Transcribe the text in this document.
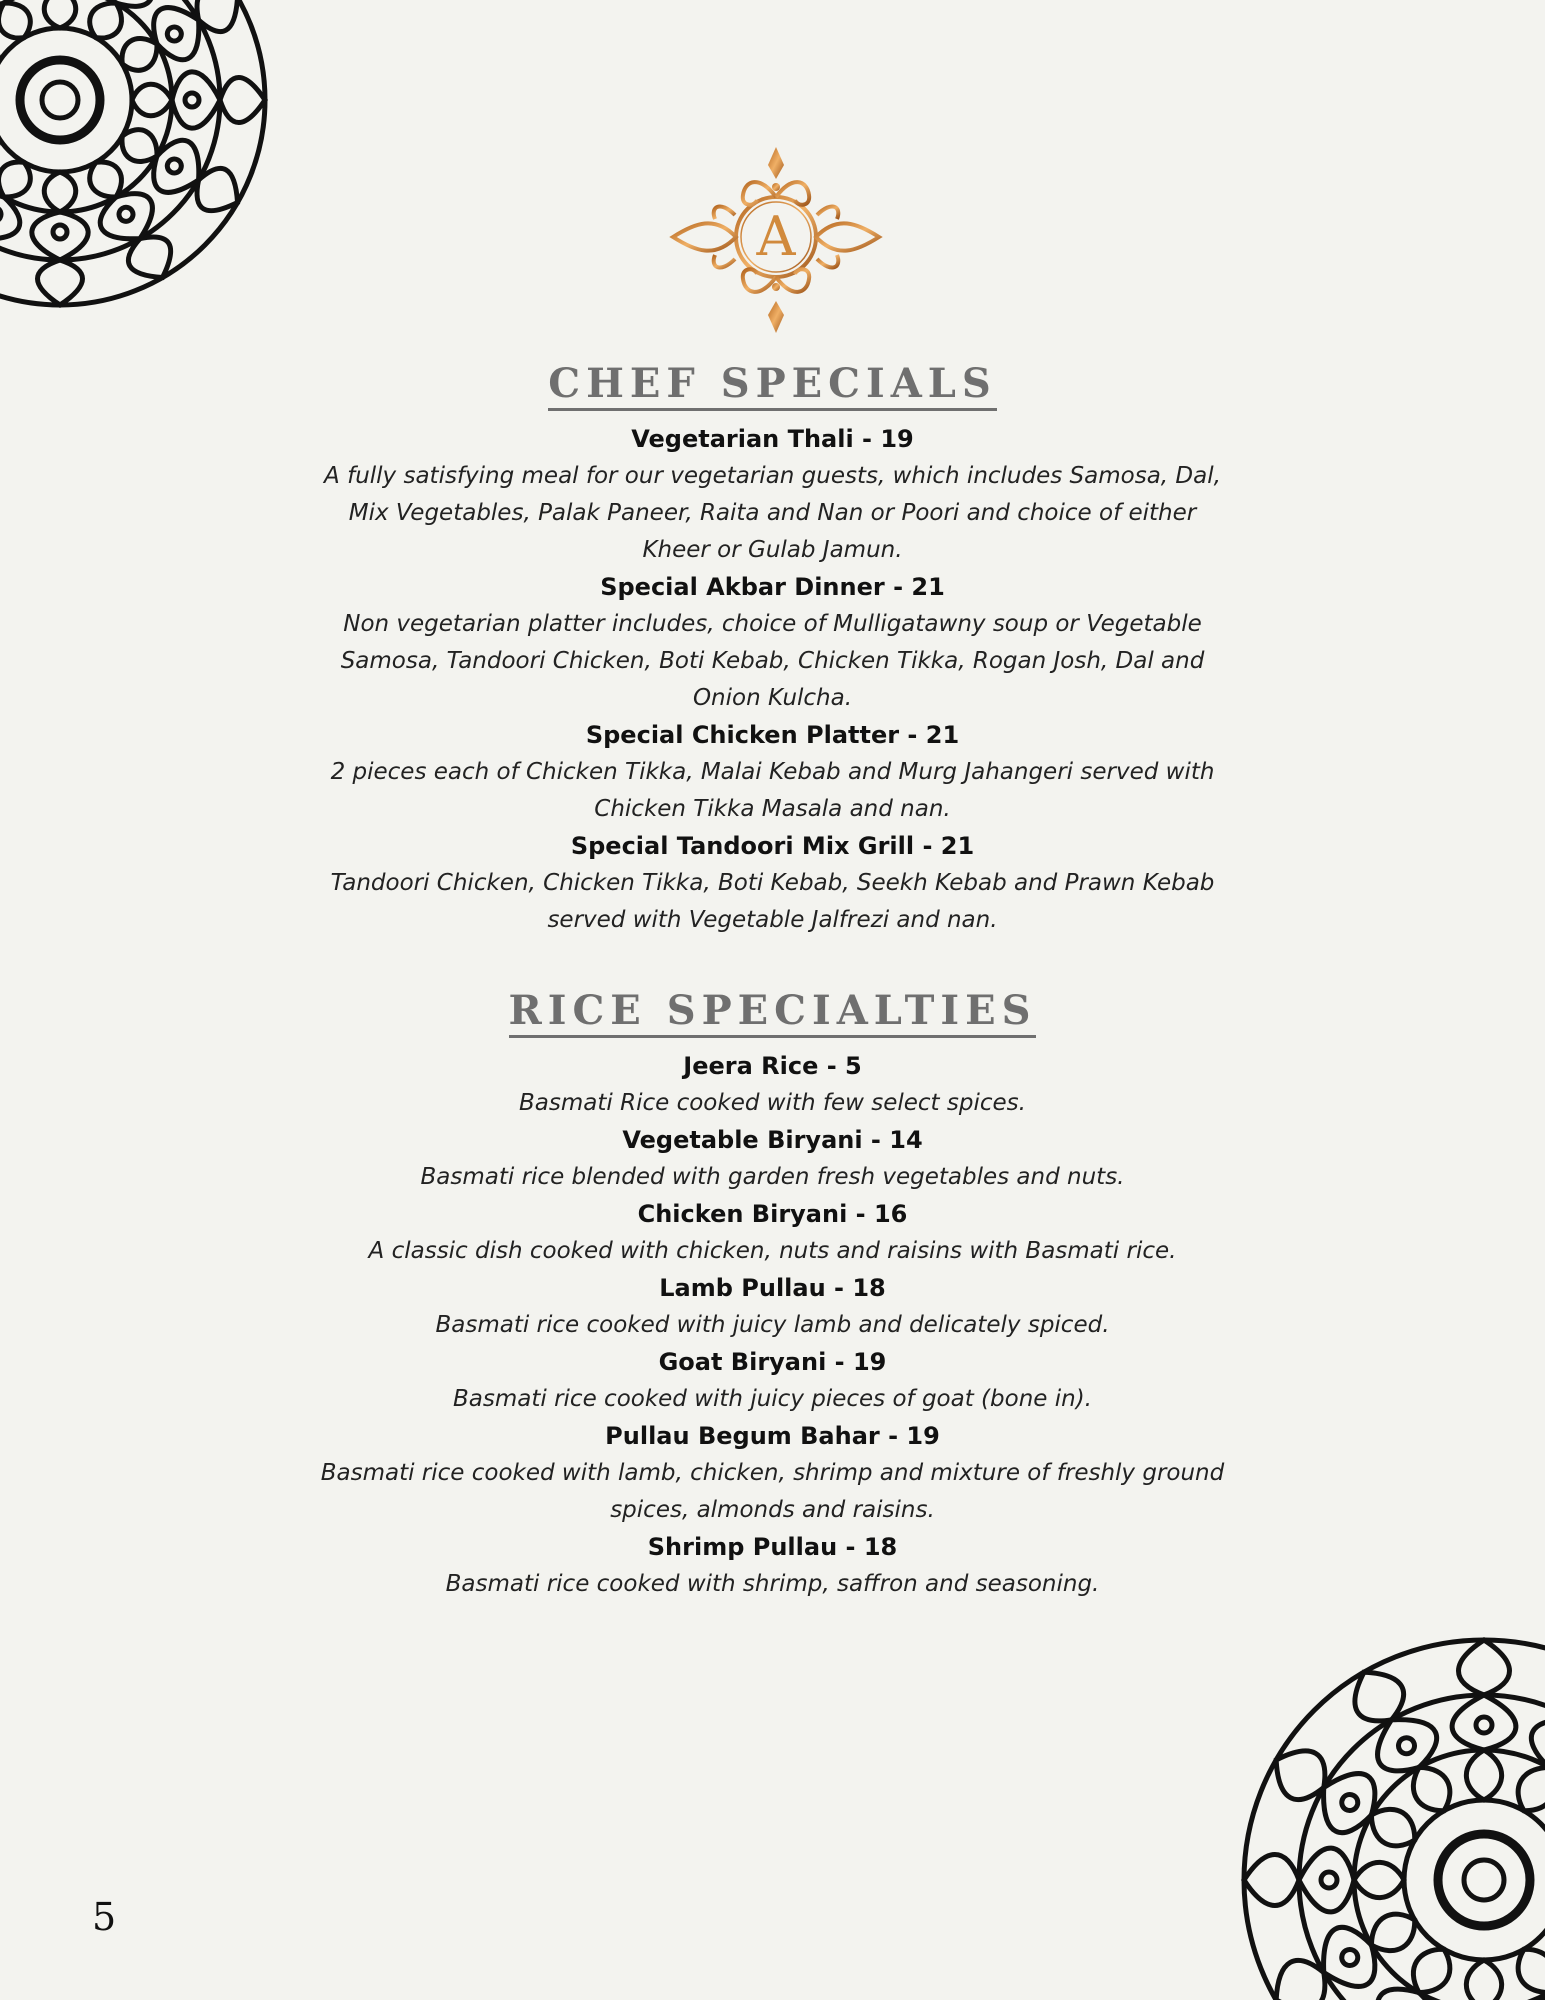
A
CHEF SPECIALS
Vegetarian Thali - 19
A fully satisfying meal for our vegetarian guests, which includes Samosa, Dal, Mix Vegetables, Palak Paneer, Raita and Nan or Poori and choice of either Kheer or Gulab Jamun.
Special Akbar Dinner - 21
Non vegetarian platter includes, choice of Mulligatawny soup or Vegetable Samosa, Tandoori Chicken, Boti Kebab, Chicken Tikka, Rogan Josh, Dal and Onion Kulcha.
Special Chicken Platter - 21
2 pieces each of Chicken Tikka, Malai Kebab and Murg Jahangeri served with Chicken Tikka Masala and nan.
Special Tandoori Mix Grill - 21
Tandoori Chicken, Chicken Tikka, Boti Kebab, Seekh Kebab and Prawn Kebab served with Vegetable Jalfrezi and nan.
RICE SPECIALTIES
Jeera Rice - 5
Basmati Rice cooked with few select spices.
Vegetable Biryani - 14
Basmati rice blended with garden fresh vegetables and nuts.
Chicken Biryani - 16
A classic dish cooked with chicken, nuts and raisins with Basmati rice.
Lamb Pullau - 18
Basmati rice cooked with juicy lamb and delicately spiced.
Goat Biryani - 19
Basmati rice cooked with juicy pieces of goat (bone in).
Pullau Begum Bahar - 19
Basmati rice cooked with lamb, chicken, shrimp and mixture of freshly ground spices, almonds and raisins.
Shrimp Pullau - 18
Basmati rice cooked with shrimp, saffron and seasoning.
5
